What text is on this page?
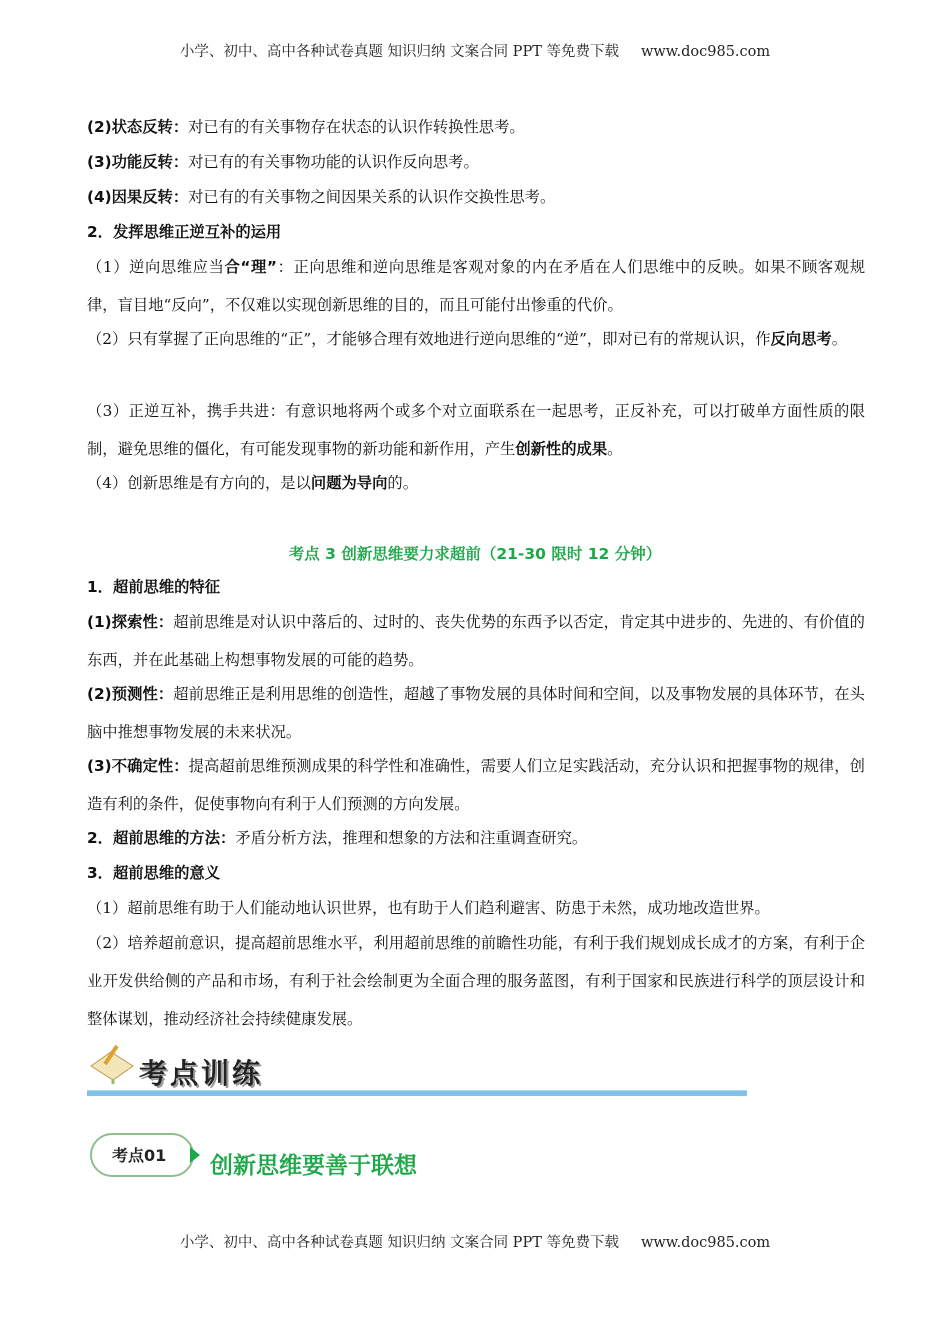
小学、初中、高中各种试卷真题 知识归纳 文案合同 PPT 等免费下载 www.doc985.com
(2)状态反转：对已有的有关事物存在状态的认识作转换性思考。
(3)功能反转：对已有的有关事物功能的认识作反向思考。
(4)因果反转：对已有的有关事物之间因果关系的认识作交换性思考。
2．发挥思维正逆互补的运用
（1）逆向思维应当合“理”：正向思维和逆向思维是客观对象的内在矛盾在人们思维中的反映。如果不顾客观规律，盲目地“反向”，不仅难以实现创新思维的目的，而且可能付出惨重的代价。
（2）只有掌握了正向思维的“正”，才能够合理有效地进行逆向思维的“逆”，即对已有的常规认识，作反向思考。
（3）正逆互补，携手共进：有意识地将两个或多个对立面联系在一起思考，正反补充，可以打破单方面性质的限制，避免思维的僵化，有可能发现事物的新功能和新作用，产生创新性的成果。
（4）创新思维是有方向的，是以问题为导向的。
1．超前思维的特征
(1)探索性：超前思维是对认识中落后的、过时的、丧失优势的东西予以否定，肯定其中进步的、先进的、有价值的东西，并在此基础上构想事物发展的可能的趋势。
(2)预测性：超前思维正是利用思维的创造性，超越了事物发展的具体时间和空间，以及事物发展的具体环节，在头脑中推想事物发展的未来状况。
(3)不确定性：提高超前思维预测成果的科学性和准确性，需要人们立足实践活动，充分认识和把握事物的规律，创造有利的条件，促使事物向有利于人们预测的方向发展。
2．超前思维的方法：矛盾分析方法，推理和想象的方法和注重调查研究。
3．超前思维的意义
（1）超前思维有助于人们能动地认识世界，也有助于人们趋利避害、防患于未然，成功地改造世界。
（2）培养超前意识，提高超前思维水平，利用超前思维的前瞻性功能，有利于我们规划成长成才的方案，有利于企业开发供给侧的产品和市场，有利于社会绘制更为全面合理的服务蓝图，有利于国家和民族进行科学的顶层设计和整体谋划，推动经济社会持续健康发展。
考点 3 创新思维要力求超前（21-30 限时 12 分钟）
考点训练
考点01 创新思维要善于联想
小学、初中、高中各种试卷真题 知识归纳 文案合同 PPT 等免费下载 www.doc985.com
